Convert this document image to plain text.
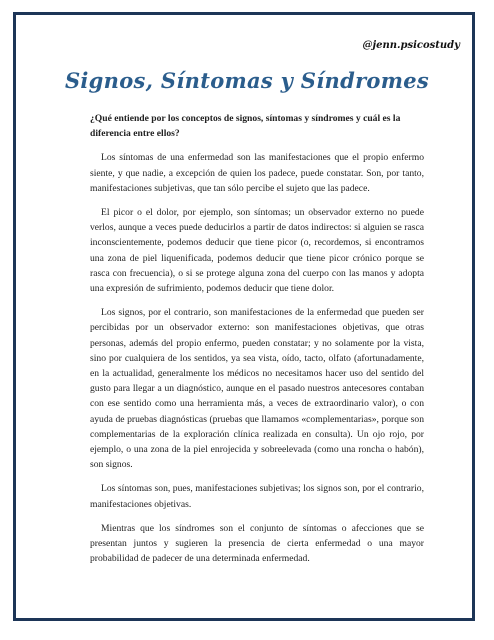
@jenn.psicostudy
Signos, Síntomas y Síndromes

¿Qué entiende por los conceptos de signos, síntomas y síndromes y cuál es la diferencia entre ellos?

Los síntomas de una enfermedad son las manifestaciones que el propio enfermo siente, y que nadie, a excepción de quien los padece, puede constatar. Son, por tanto, manifestaciones subjetivas, que tan sólo percibe el sujeto que las padece.

El picor o el dolor, por ejemplo, son síntomas; un observador externo no puede verlos, aunque a veces puede deducirlos a partir de datos indirectos: si alguien se rasca inconscientemente, podemos deducir que tiene picor (o, recordemos, si encontramos una zona de piel liquenificada, podemos deducir que tiene picor crónico porque se rasca con frecuencia), o si se protege alguna zona del cuerpo con las manos y adopta una expresión de sufrimiento, podemos deducir que tiene dolor.

Los signos, por el contrario, son manifestaciones de la enfermedad que pueden ser percibidas por un observador externo: son manifestaciones objetivas, que otras personas, además del propio enfermo, pueden constatar; y no solamente por la vista, sino por cualquiera de los sentidos, ya sea vista, oído, tacto, olfato (afortunadamente, en la actualidad, generalmente los médicos no necesitamos hacer uso del sentido del gusto para llegar a un diagnóstico, aunque en el pasado nuestros antecesores contaban con ese sentido como una herramienta más, a veces de extraordinario valor), o con ayuda de pruebas diagnósticas (pruebas que llamamos «complementarias», porque son complementarias de la exploración clínica realizada en consulta). Un ojo rojo, por ejemplo, o una zona de la piel enrojecida y sobreelevada (como una roncha o habón), son signos.

Los síntomas son, pues, manifestaciones subjetivas; los signos son, por el contrario, manifestaciones objetivas.

Mientras que los síndromes son el conjunto de síntomas o afecciones que se presentan juntos y sugieren la presencia de cierta enfermedad o una mayor probabilidad de padecer de una determinada enfermedad.
